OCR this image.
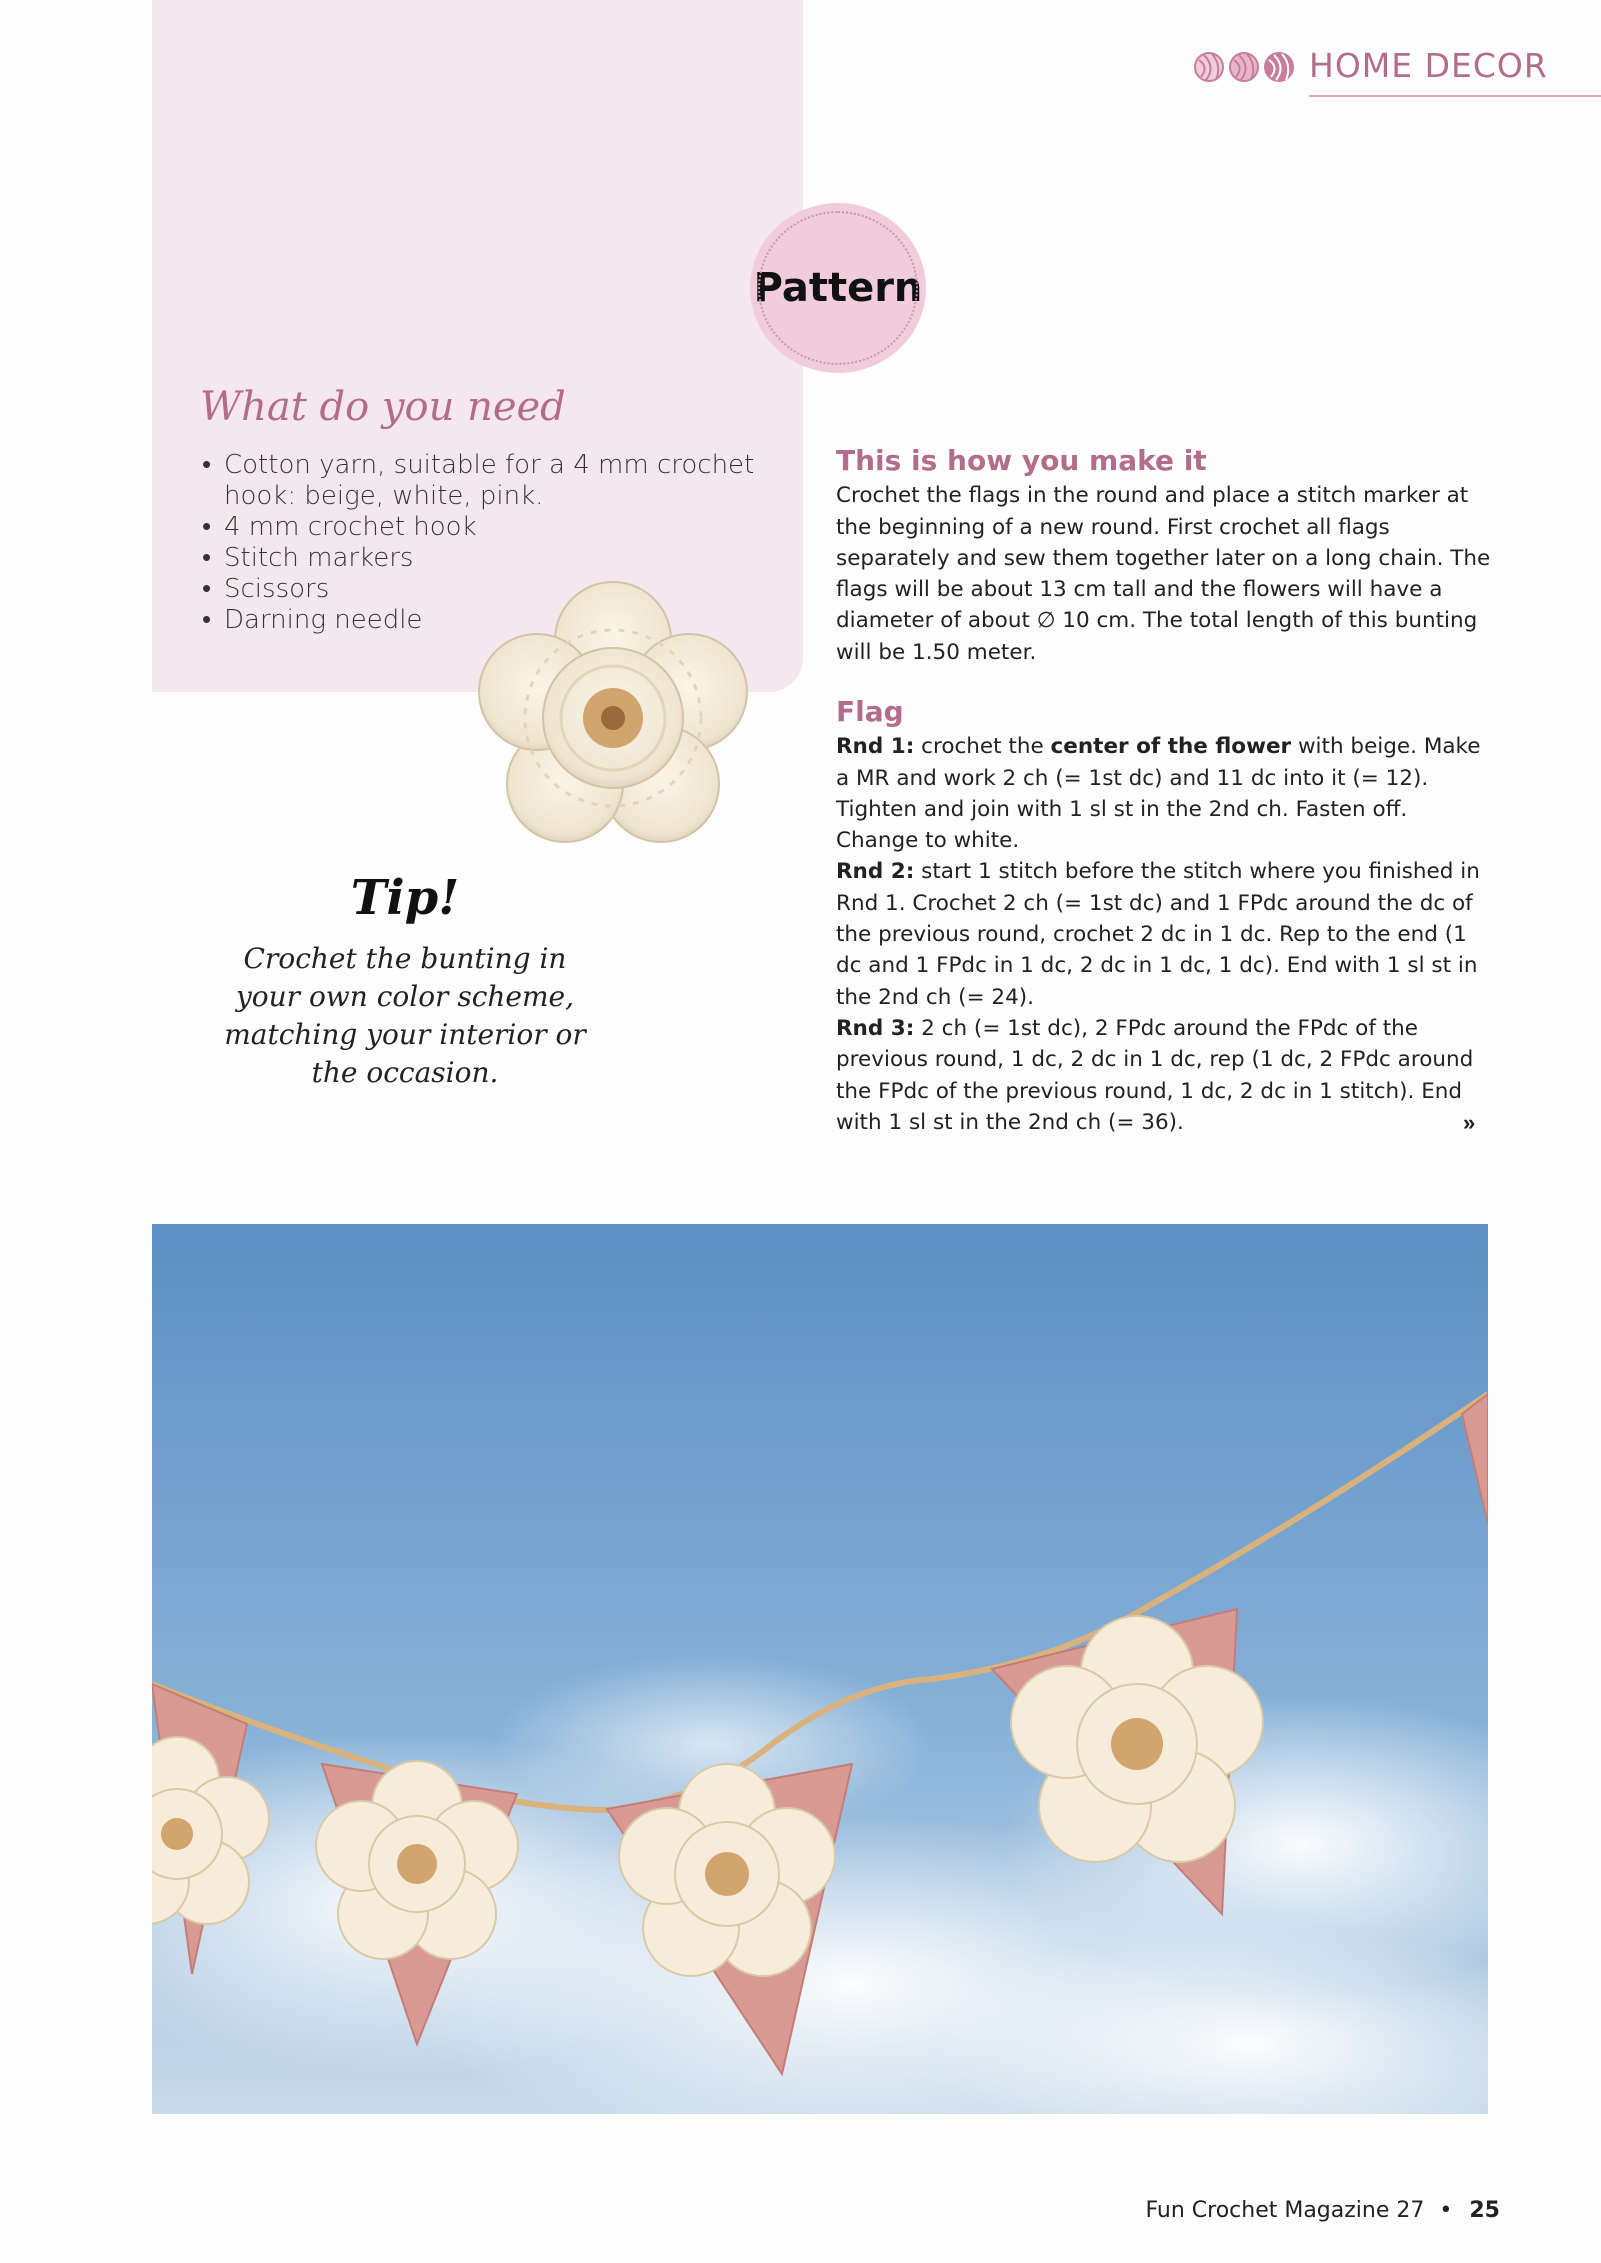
HOME DECOR
Pattern
What do you need
• Cotton yarn, suitable for a 4 mm crochet hook: beige, white, pink.
• 4 mm crochet hook
• Stitch markers
• Scissors
• Darning needle
Tip!
Crochet the bunting in your own color scheme, matching your interior or the occasion.
This is how you make it

Crochet the flags in the round and place a stitch marker at the beginning of a new round. First crochet all flags separately and sew them together later on a long chain. The flags will be about 13 cm tall and the flowers will have a diameter of about ∅ 10 cm. The total length of this bunting will be 1.50 meter.

Flag

Rnd 1: crochet the center of the flower with beige. Make a MR and work 2 ch (= 1st dc) and 11 dc into it (= 12). Tighten and join with 1 sl st in the 2nd ch. Fasten off. Change to white.

Rnd 2: start 1 stitch before the stitch where you finished in Rnd 1. Crochet 2 ch (= 1st dc) and 1 FPdc around the dc of the previous round, crochet 2 dc in 1 dc. Rep to the end (1 dc and 1 FPdc in 1 dc, 2 dc in 1 dc, 1 dc). End with 1 sl st in the 2nd ch (= 24).

Rnd 3: 2 ch (= 1st dc), 2 FPdc around the FPdc of the previous round, 1 dc, 2 dc in 1 dc, rep (1 dc, 2 FPdc around the FPdc of the previous round, 1 dc, 2 dc in 1 stitch). End with 1 sl st in the 2nd ch (= 36).	»
Fun Crochet Magazine 27 • 25
